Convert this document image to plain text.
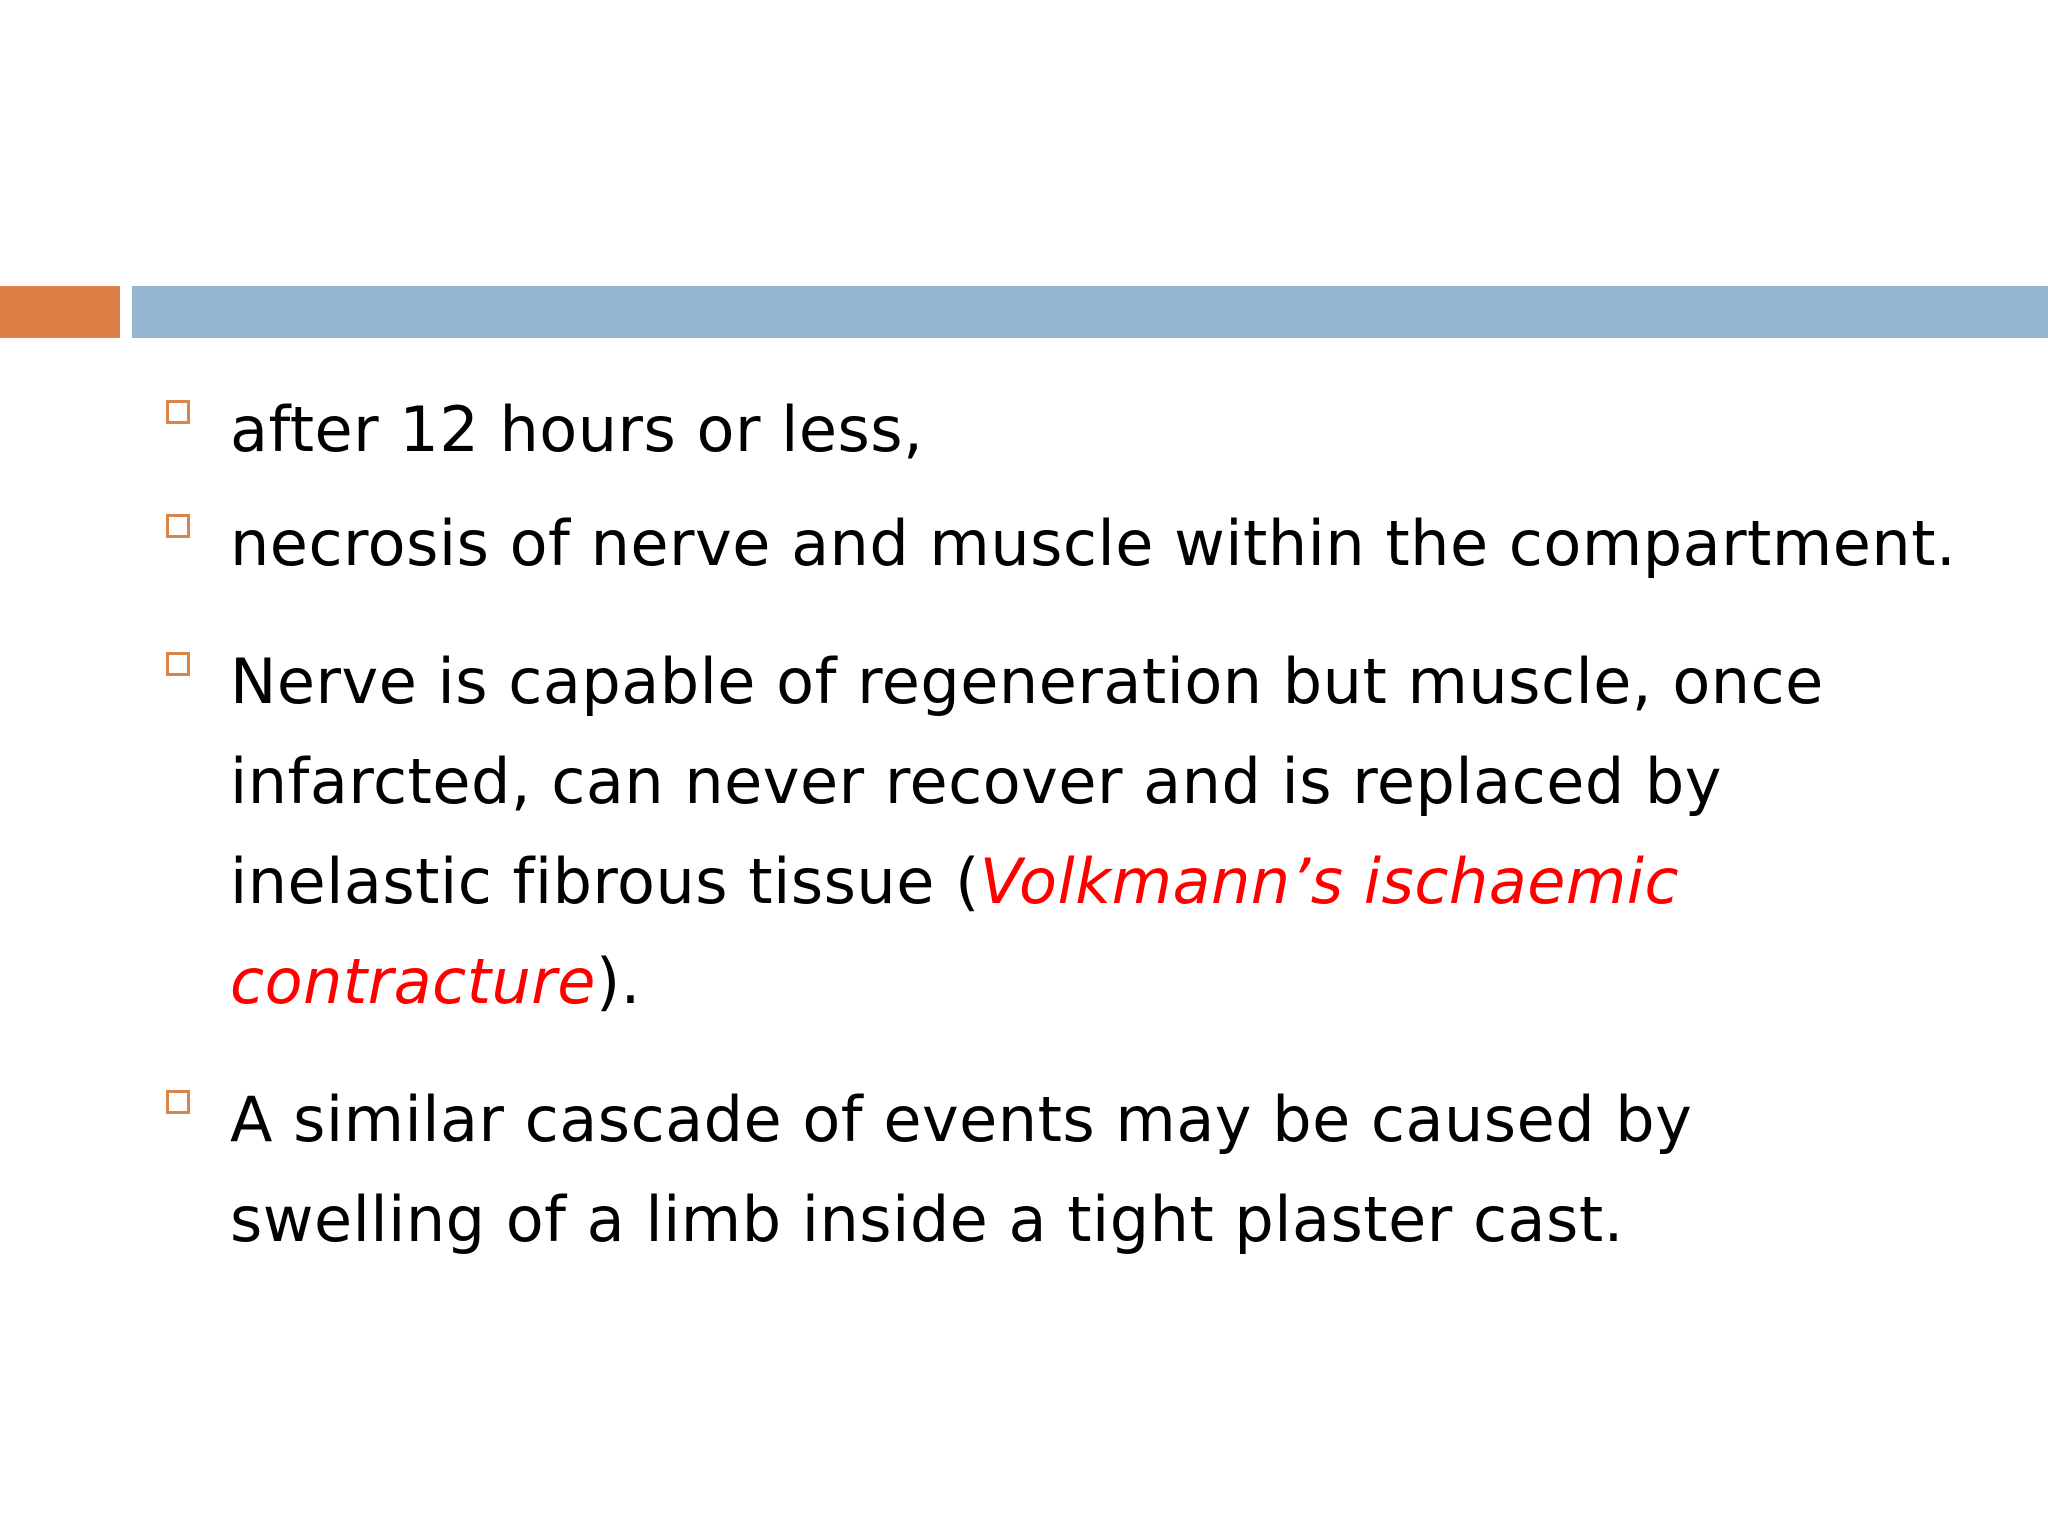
after 12 hours or less,
necrosis of nerve and muscle within the compartment.
Nerve is capable of regeneration but muscle, once infarcted, can never recover and is replaced by inelastic fibrous tissue (Volkmann’s ischaemic contracture).
A similar cascade of events may be caused by swelling of a limb inside a tight plaster cast.
